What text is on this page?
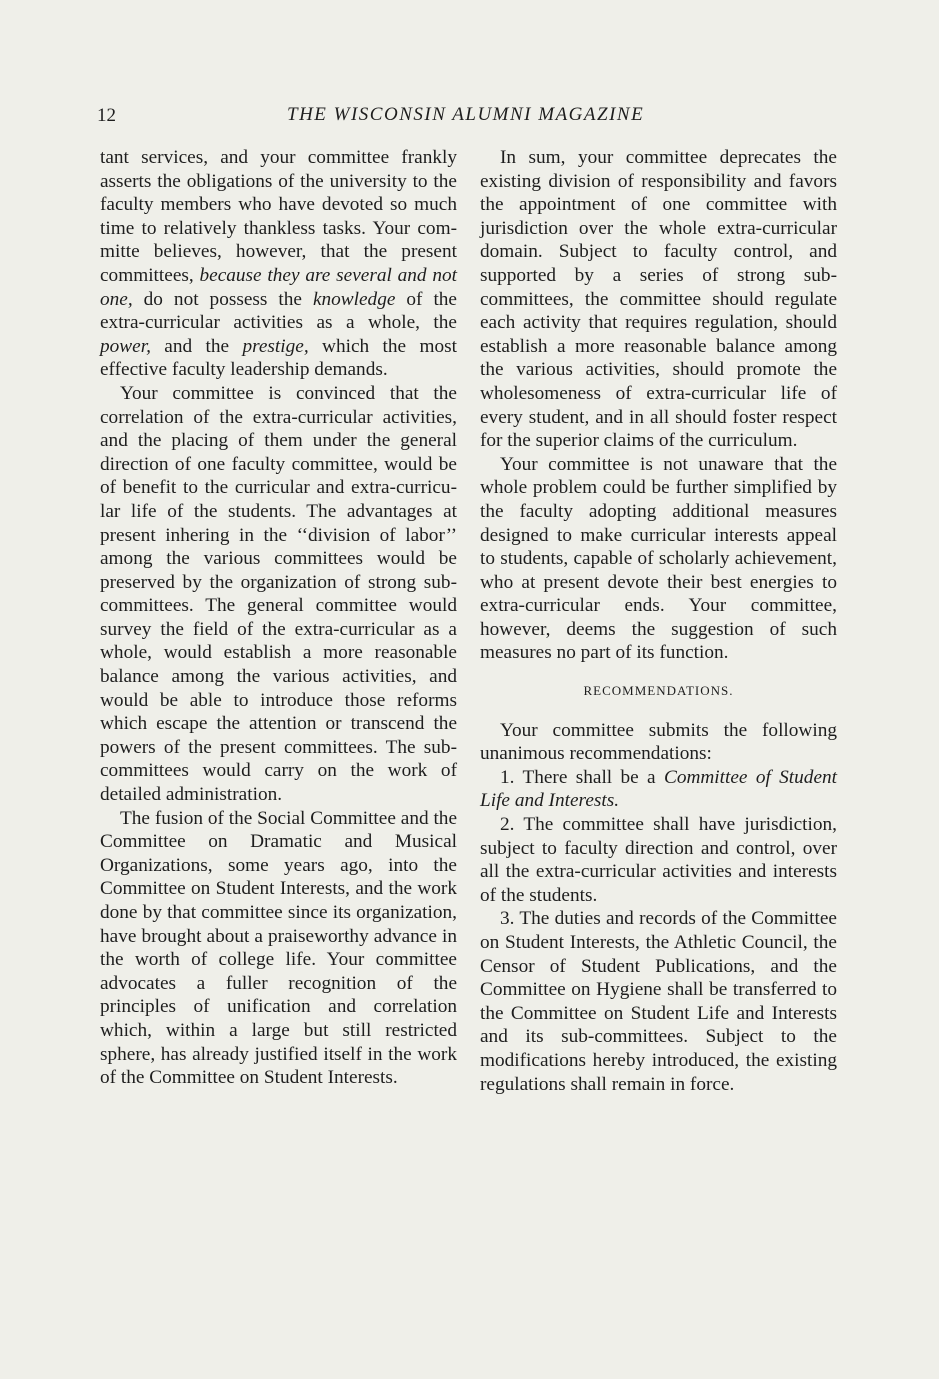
12	THE WISCONSIN ALUMNI MAGAZINE

tant services, and your committee frankly asserts the obligations of the university to the faculty members who have devoted so much time to relatively thankless tasks. Your committe believes, however, that the present committees, because they are several and not one, do not possess the knowledge of the extra-curricular activities as a whole, the power, and the prestige, which the most effective faculty leadership demands.

Your committee is convinced that the correlation of the extra-curricular activities, and the placing of them under the general direction of one faculty committee, would be of benefit to the curricular and extra-curricular life of the students. The advantages at present inhering in the ‘‘division of labor’’ among the various committees would be preserved by the organization of strong sub-committees. The general committee would survey the field of the extra-curricular as a whole, would establish a more reasonable balance among the various activities, and would be able to introduce those reforms which escape the attention or transcend the powers of the present committees. The subcommittees would carry on the work of detailed administration.

The fusion of the Social Committee and the Committee on Dramatic and Musical Organizations, some years ago, into the Committee on Student Interests, and the work done by that committee since its organization, have brought about a praiseworthy advance in the worth of college life. Your committee advocates a fuller recognition of the principles of unification and correlation which, within a large but still restricted sphere, has already justified itself in the work of the Committee on Student Interests.

In sum, your committee deprecates the existing division of responsibility and favors the appointment of one committee with jurisdiction over the whole extra-curricular domain. Subject to faculty control, and supported by a series of strong sub-committees, the committee should regulate each activity that requires regulation, should establish a more reasonable balance among the various activities, should promote the wholesomeness of extra-curricular life of every student, and in all should foster respect for the superior claims of the curriculum.

Your committee is not unaware that the whole problem could be further simplified by the faculty adopting additional measures designed to make curricular interests appeal to students, capable of scholarly achievement, who at present devote their best energies to extra-curricular ends. Your committee, however, deems the suggestion of such measures no part of its function.

RECOMMENDATIONS.

Your committee submits the following unanimous recommendations:

1. There shall be a Committee of Student Life and Interests.

2. The committee shall have jurisdiction, subject to faculty direction and control, over all the extra-curricular activities and interests of the students.

3. The duties and records of the Committee on Student Interests, the Athletic Council, the Censor of Student Publications, and the Committee on Hygiene shall be transferred to the Committee on Student Life and Interests and its sub-committees. Subject to the modifications hereby introduced, the existing regulations shall remain in force.
